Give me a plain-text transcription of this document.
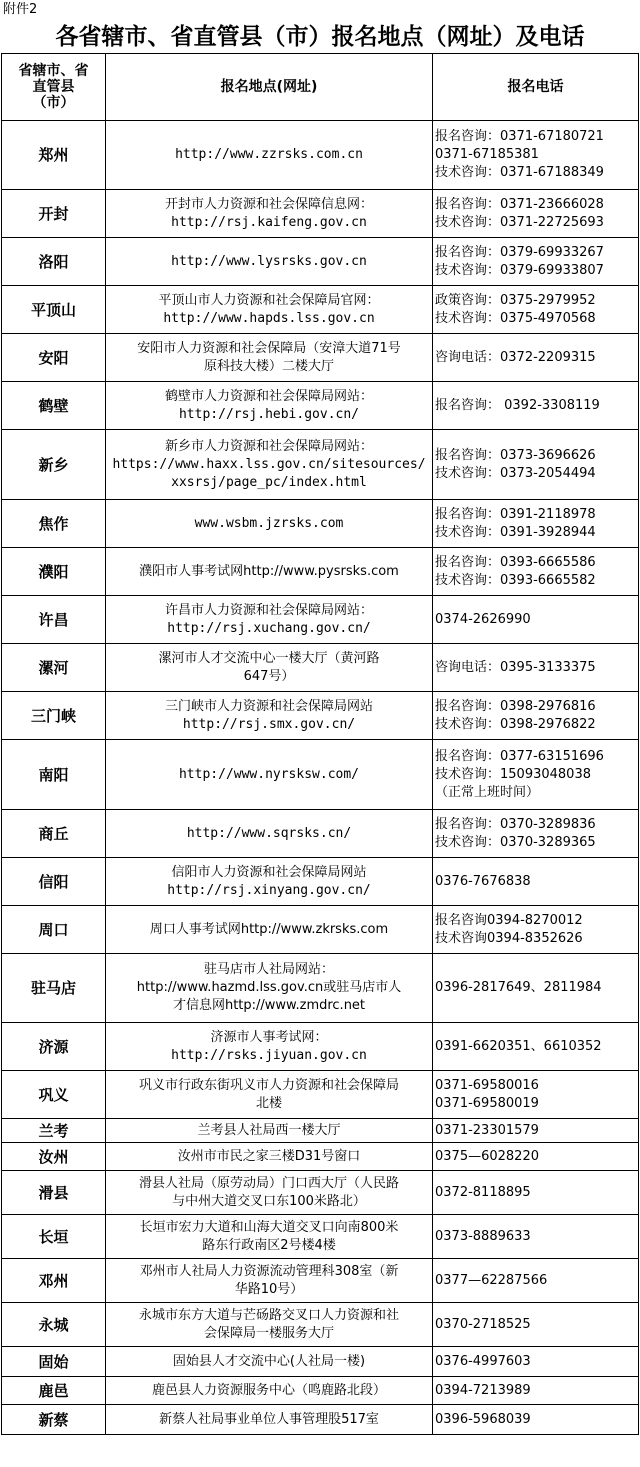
附件2
各省辖市、省直管县（市）报名地点（网址）及电话
省辖市、省
直管县
（市）	报名地点(网址)	报名电话
郑州	http://www.zzrsks.com.cn	报名咨询：0371-67180721
0371-67185381
技术咨询：0371-67188349

开封	开封市人力资源和社会保障信息网：
http://rsj.kaifeng.gov.cn	报名咨询：0371-23666028
技术咨询：0371-22725693

洛阳	http://www.lysrsks.gov.cn	报名咨询：0379-69933267
技术咨询：0379-69933807

平顶山	平顶山市人力资源和社会保障局官网：
http://www.hapds.lss.gov.cn	政策咨询：0375-2979952
技术咨询：0375-4970568

安阳	安阳市人力资源和社会保障局（安漳大道71号
原科技大楼）二楼大厅	咨询电话：0372-2209315

鹤壁	鹤壁市人力资源和社会保障局网站：
http://rsj.hebi.gov.cn/	报名咨询： 0392-3308119

新乡	新乡市人力资源和社会保障局网站：
https://www.haxx.lss.gov.cn/sitesources/
xxsrsj/page_pc/index.html	报名咨询：0373-3696626
技术咨询：0373-2054494

焦作	www.wsbm.jzrsks.com	报名咨询：0391-2118978
技术咨询：0391-3928944

濮阳	濮阳市人事考试网http://www.pysrsks.com	报名咨询：0393-6665586
技术咨询：0393-6665582

许昌	许昌市人力资源和社会保障局网站：
http://rsj.xuchang.gov.cn/	0374-2626990

漯河	漯河市人才交流中心一楼大厅（黄河路
647号）	咨询电话：0395-3133375

三门峡	三门峡市人力资源和社会保障局网站
http://rsj.smx.gov.cn/	报名咨询：0398-2976816
技术咨询：0398-2976822

南阳	http://www.nyrsksw.com/	报名咨询：0377-63151696
技术咨询：15093048038
（正常上班时间）

商丘	http://www.sqrsks.cn/	报名咨询：0370-3289836
技术咨询：0370-3289365

信阳	信阳市人力资源和社会保障局网站
http://rsj.xinyang.gov.cn/	0376-7676838

周口	周口人事考试网http://www.zkrsks.com	报名咨询0394-8270012
技术咨询0394-8352626

驻马店	驻马店市人社局网站：
http://www.hazmd.lss.gov.cn或驻马店市人
才信息网http://www.zmdrc.net	0396-2817649、2811984

济源	济源市人事考试网：
http://rsks.jiyuan.gov.cn	0391-6620351、6610352

巩义	巩义市行政东街巩义市人力资源和社会保障局
北楼	0371-69580016
0371-69580019

兰考	兰考县人社局西一楼大厅	0371-23301579

汝州	汝州市市民之家三楼D31号窗口	0375—6028220

滑县	滑县人社局（原劳动局）门口西大厅（人民路
与中州大道交叉口东100米路北）	0372-8118895

长垣	长垣市宏力大道和山海大道交叉口向南800米
路东行政南区2号楼4楼	0373-8889633

邓州	邓州市人社局人力资源流动管理科308室（新
华路10号）	0377—62287566

永城	永城市东方大道与芒砀路交叉口人力资源和社
会保障局一楼服务大厅	0370-2718525

固始	固始县人才交流中心(人社局一楼)	0376-4997603

鹿邑	鹿邑县人力资源服务中心（鸣鹿路北段）	0394-7213989

新蔡	新蔡人社局事业单位人事管理股517室	0396-5968039
